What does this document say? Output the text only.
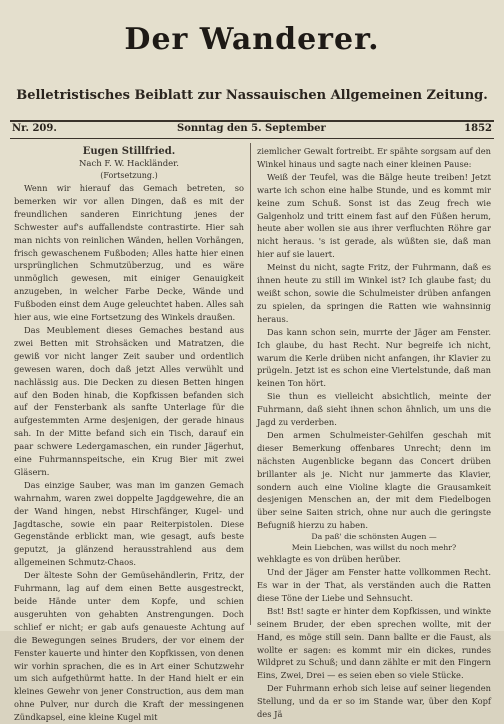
Der Wanderer.
Belletristisches Beiblatt zur Nassauischen Allgemeinen Zeitung.
Nr. 209.	Sonntag den 5. September	1852

Eugen Stillfried.

Nach F. W. Hackländer.

(Fortsetzung.)

Wenn wir hierauf das Gemach betreten, so bemerken wir vor allen Dingen, daß es mit der freundlichen sanderen Einrichtung jenes der Schwester auf's auffallendste contrastirte. Hier sah man nichts von reinlichen Wänden, hellen Vorhängen, frisch gewaschenem Fußboden; Alles hatte hier einen ursprünglichen Schmutzüberzug, und es wäre unmöglich gewesen, mit einiger Genauigkeit anzugeben, in welcher Farbe Decke, Wände und Fußboden einst dem Auge geleuchtet haben. Alles sah hier aus, wie eine Fortsetzung des Winkels draußen.

Das Meublement dieses Gemaches bestand aus zwei Betten mit Strohsäcken und Matratzen, die gewiß vor nicht langer Zeit sauber und ordentlich gewesen waren, doch daß jetzt Alles verwühlt und nachlässig aus. Die Decken zu diesen Betten hingen auf den Boden hinab, die Kopfkissen befanden sich auf der Fensterbank als sanfte Unterlage für die aufgestemmten Arme desjenigen, der gerade hinaus sah. In der Mitte befand sich ein Tisch, darauf ein paar schwere Ledergamaschen, ein runder Jägerhut, eine Fuhrmannspeitsche, ein Krug Bier mit zwei Gläsern.

Das einzige Sauber, was man im ganzen Gemach wahrnahm, waren zwei doppelte Jagdgewehre, die an der Wand hingen, nebst Hirschfänger, Kugel- und Jagdtasche, sowie ein paar Reiterpistolen. Diese Gegenstände erblickt man, wie gesagt, aufs beste geputzt, ja glänzend herausstrahlend aus dem allgemeinen Schmutz-Chaos.

Der älteste Sohn der Gemüsehändlerin, Fritz, der Fuhrmann, lag auf dem einen Bette ausgestreckt, beide Hände unter dem Kopfe, und schien ausgeruhten von gehabten Anstrengungen. Doch schlief er nicht; er gab aufs genaueste Achtung auf die Bewegungen seines Bruders, der vor einem der Fenster kauerte und hinter den Kopfkissen, von denen wir vorhin sprachen, die es in Art einer Schutzwehr um sich aufgethürmt hatte. In der Hand hielt er ein kleines Gewehr von jener Construction, aus dem man ohne Pulver, nur durch die Kraft der messingenen Zündkapsel, eine kleine Kugel mit

ziemlicher Gewalt fortreibt. Er spähte sorgsam auf den Winkel hinaus und sagte nach einer kleinen Pause:

Weiß der Teufel, was die Bälge heute treiben! Jetzt warte ich schon eine halbe Stunde, und es kommt mir keine zum Schuß. Sonst ist das Zeug frech wie Galgenholz und tritt einem fast auf den Füßen herum, heute aber wollen sie aus ihrer verfluchten Röhre gar nicht heraus. 's ist gerade, als wüßten sie, daß man hier auf sie lauert.

Meinst du nicht, sagte Fritz, der Fuhrmann, daß es ihnen heute zu still im Winkel ist? Ich glaube fast; du weißt schon, sowie die Schulmeister drüben anfangen zu spielen, da springen die Ratten wie wahnsinnig heraus.

Das kann schon sein, murrte der Jäger am Fenster. Ich glaube, du hast Recht. Nur begreife ich nicht, warum die Kerle drüben nicht anfangen, ihr Klavier zu prügeln. Jetzt ist es schon eine Viertelstunde, daß man keinen Ton hört.

Sie thun es vielleicht absichtlich, meinte der Fuhrmann, daß sieht ihnen schon ähnlich, um uns die Jagd zu verderben.

Den armen Schulmeister-Gehilfen geschah mit dieser Bemerkung offenbares Unrecht; denn im nächsten Augenblicke begann das Concert drüben brillanter als je. Nicht nur jammerte das Klavier, sondern auch eine Violine klagte die Grausamkeit desjenigen Menschen an, der mit dem Fiedelbogen über seine Saiten strich, ohne nur auch die geringste Befugniß hierzu zu haben.

Da paß' die schönsten Augen —

Mein Liebchen, was willst du noch mehr?

wehklagte es von drüben herüber.

Und der Jäger am Fenster hatte vollkommen Recht. Es war in der That, als verständen auch die Ratten diese Töne der Liebe und Sehnsucht.

Bst! Bst! sagte er hinter dem Kopfkissen, und winkte seinem Bruder, der eben sprechen wollte, mit der Hand, es möge still sein. Dann ballte er die Faust, als wollte er sagen: es kommt mir ein dickes, rundes Wildpret zu Schuß; und dann zählte er mit den Fingern Eins, Zwei, Drei — es seien eben so viele Stücke.

Der Fuhrmann erhob sich leise auf seiner liegenden Stellung, und da er so im Stande war, über den Kopf des Jä
